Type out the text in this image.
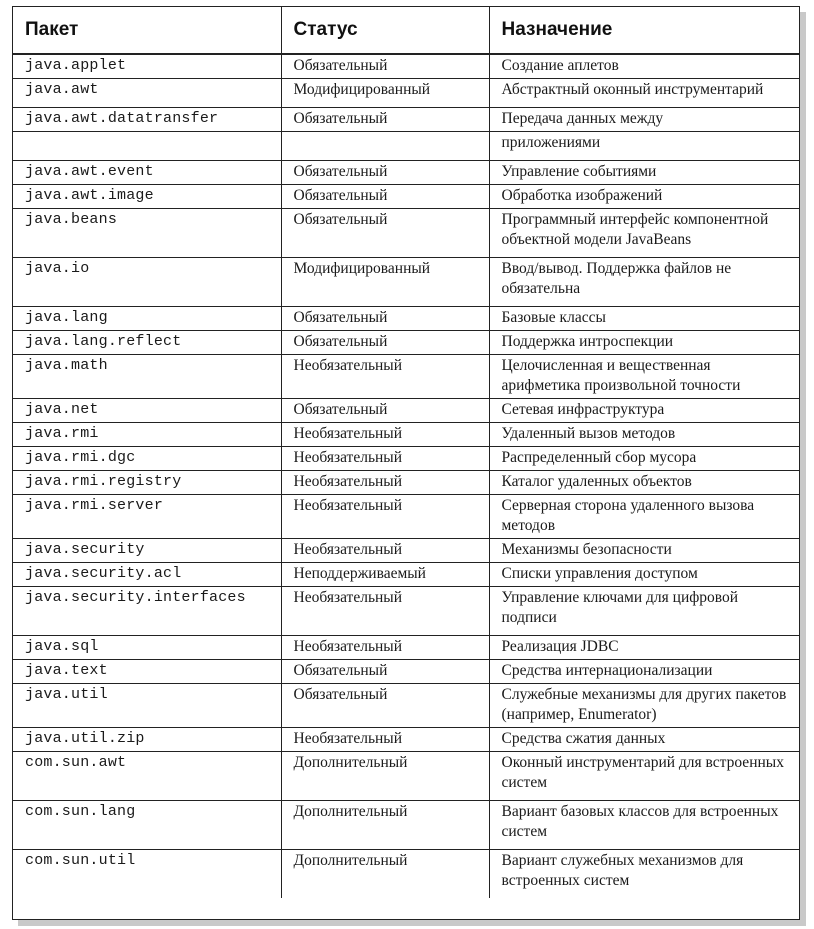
Пакет	Статус	Назначение
java.applet	Обязательный	Создание аплетов
java.awt	Модифицированный	Абстрактный оконный инструментарий
java.awt.datatransfer	Обязательный	Передача данных между
		приложениями
java.awt.event	Обязательный	Управление событиями
java.awt.image	Обязательный	Обработка изображений
java.beans	Обязательный	Программный интерфейс компонентной объектной модели JavaBeans
java.io	Модифицированный	Ввод/вывод. Поддержка файлов не обязательна
java.lang	Обязательный	Базовые классы
java.lang.reflect	Обязательный	Поддержка интроспекции
java.math	Необязательный	Целочисленная и вещественная арифметика произвольной точности
java.net	Обязательный	Сетевая инфраструктура
java.rmi	Необязательный	Удаленный вызов методов
java.rmi.dgc	Необязательный	Распределенный сбор мусора
java.rmi.registry	Необязательный	Каталог удаленных объектов
java.rmi.server	Необязательный	Серверная сторона удаленного вызова методов
java.security	Необязательный	Механизмы безопасности
java.security.acl	Неподдерживаемый	Списки управления доступом
java.security.interfaces	Необязательный	Управление ключами для цифровой подписи
java.sql	Необязательный	Реализация JDBC
java.text	Обязательный	Средства интернационализации
java.util	Обязательный	Служебные механизмы для других пакетов (например, Enumerator)
java.util.zip	Необязательный	Средства сжатия данных
com.sun.awt	Дополнительный	Оконный инструментарий для встроенных систем
com.sun.lang	Дополнительный	Вариант базовых классов для встроенных систем
com.sun.util	Дополнительный	Вариант служебных механизмов для встроенных систем
